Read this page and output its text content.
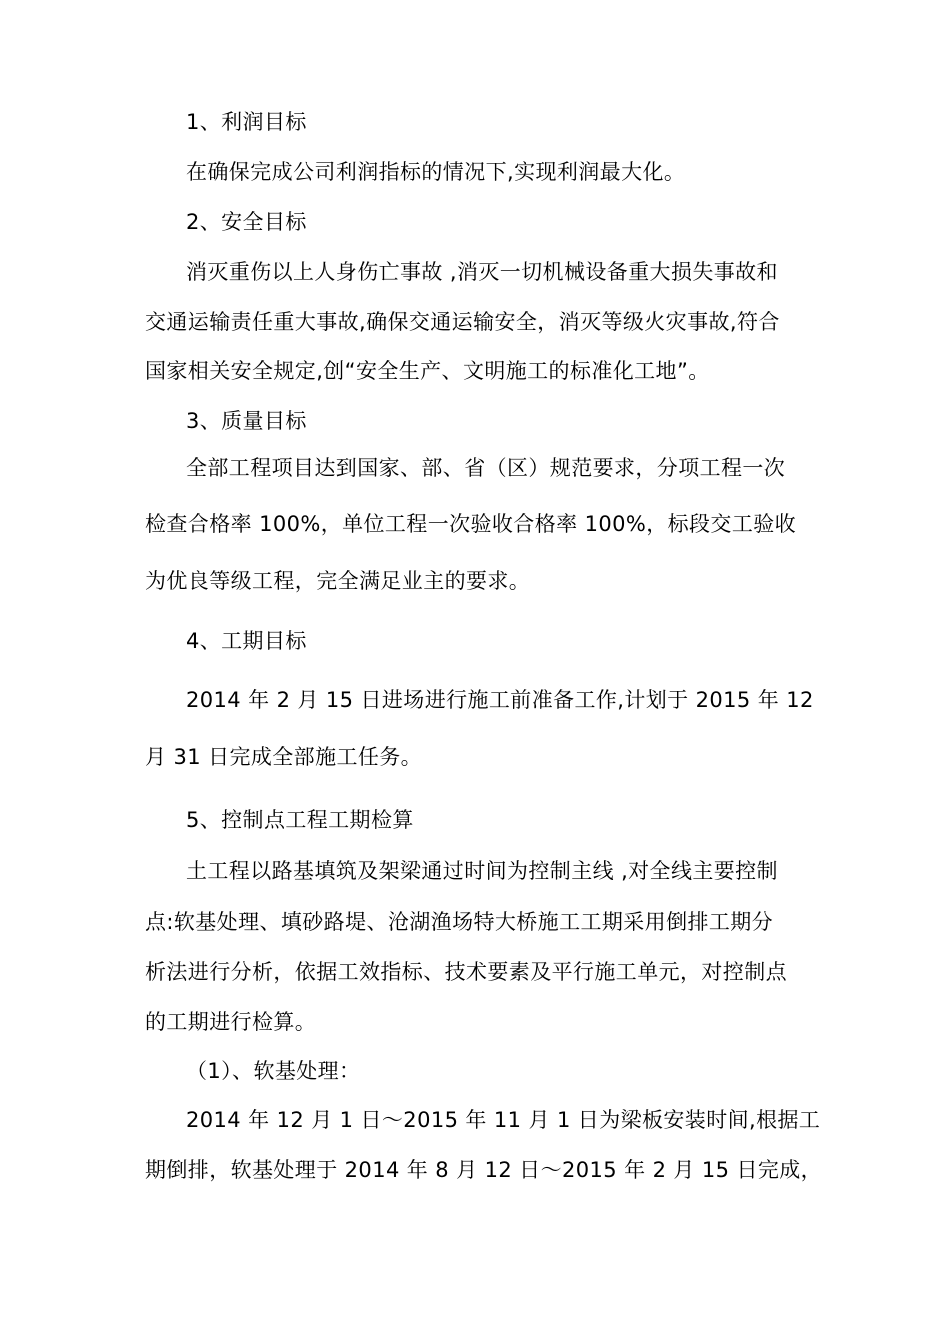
1、利润目标
在确保完成公司利润指标的情况下,实现利润最大化。
2、安全目标
消灭重伤以上人身伤亡事故 ,消灭一切机械设备重大损失事故和
交通运输责任重大事故,确保交通运输安全，消灭等级火灾事故,符合
国家相关安全规定,创“安全生产、文明施工的标准化工地”。
3、质量目标
全部工程项目达到国家、部、省（区）规范要求，分项工程一次
检查合格率 100%，单位工程一次验收合格率 100%，标段交工验收
为优良等级工程，完全满足业主的要求。
4、工期目标
2014 年 2 月 15 日进场进行施工前准备工作,计划于 2015 年 12
月 31 日完成全部施工任务。
5、控制点工程工期检算
土工程以路基填筑及架梁通过时间为控制主线 ,对全线主要控制
点:软基处理、填砂路堤、沧湖渔场特大桥施工工期采用倒排工期分
析法进行分析，依据工效指标、技术要素及平行施工单元，对控制点
的工期进行检算。
（1）、软基处理：
2014 年 12 月 1 日～2015 年 11 月 1 日为梁板安装时间,根据工
期倒排，软基处理于 2014 年 8 月 12 日～2015 年 2 月 15 日完成，
